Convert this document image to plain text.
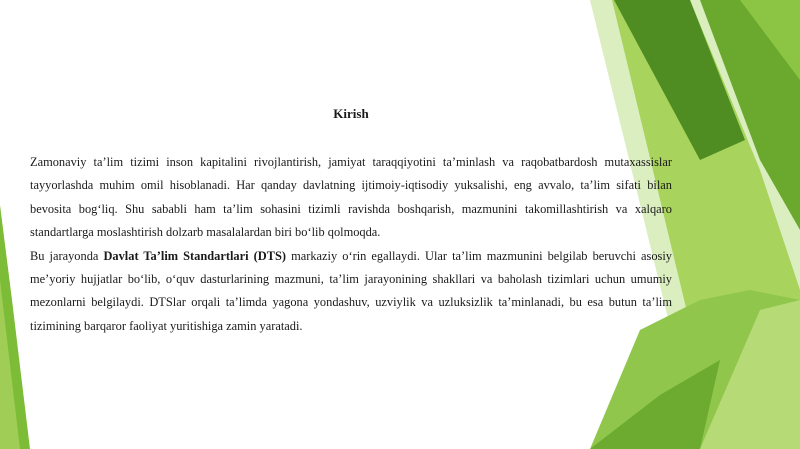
Kirish

Zamonaviy ta’lim tizimi inson kapitalini rivojlantirish, jamiyat taraqqiyotini ta’minlash va raqobatbardosh mutaxassislar tayyorlashda muhim omil hisoblanadi. Har qanday davlatning ijtimoiy-iqtisodiy yuksalishi, eng avvalo, ta’lim sifati bilan bevosita bog‘liq. Shu sababli ham ta’lim sohasini tizimli ravishda boshqarish, mazmunini takomillashtirish va xalqaro standartlarga moslashtirish dolzarb masalalardan biri bo‘lib qolmoqda.

Bu jarayonda Davlat Ta’lim Standartlari (DTS) markaziy o‘rin egallaydi. Ular ta’lim mazmunini belgilab beruvchi asosiy me’yoriy hujjatlar bo‘lib, o‘quv dasturlarining mazmuni, ta’lim jarayonining shakllari va baholash tizimlari uchun umumiy mezonlarni belgilaydi. DTSlar orqali ta’limda yagona yondashuv, uzviylik va uzluksizlik ta’minlanadi, bu esa butun ta’lim tizimining barqaror faoliyat yuritishiga zamin yaratadi.
